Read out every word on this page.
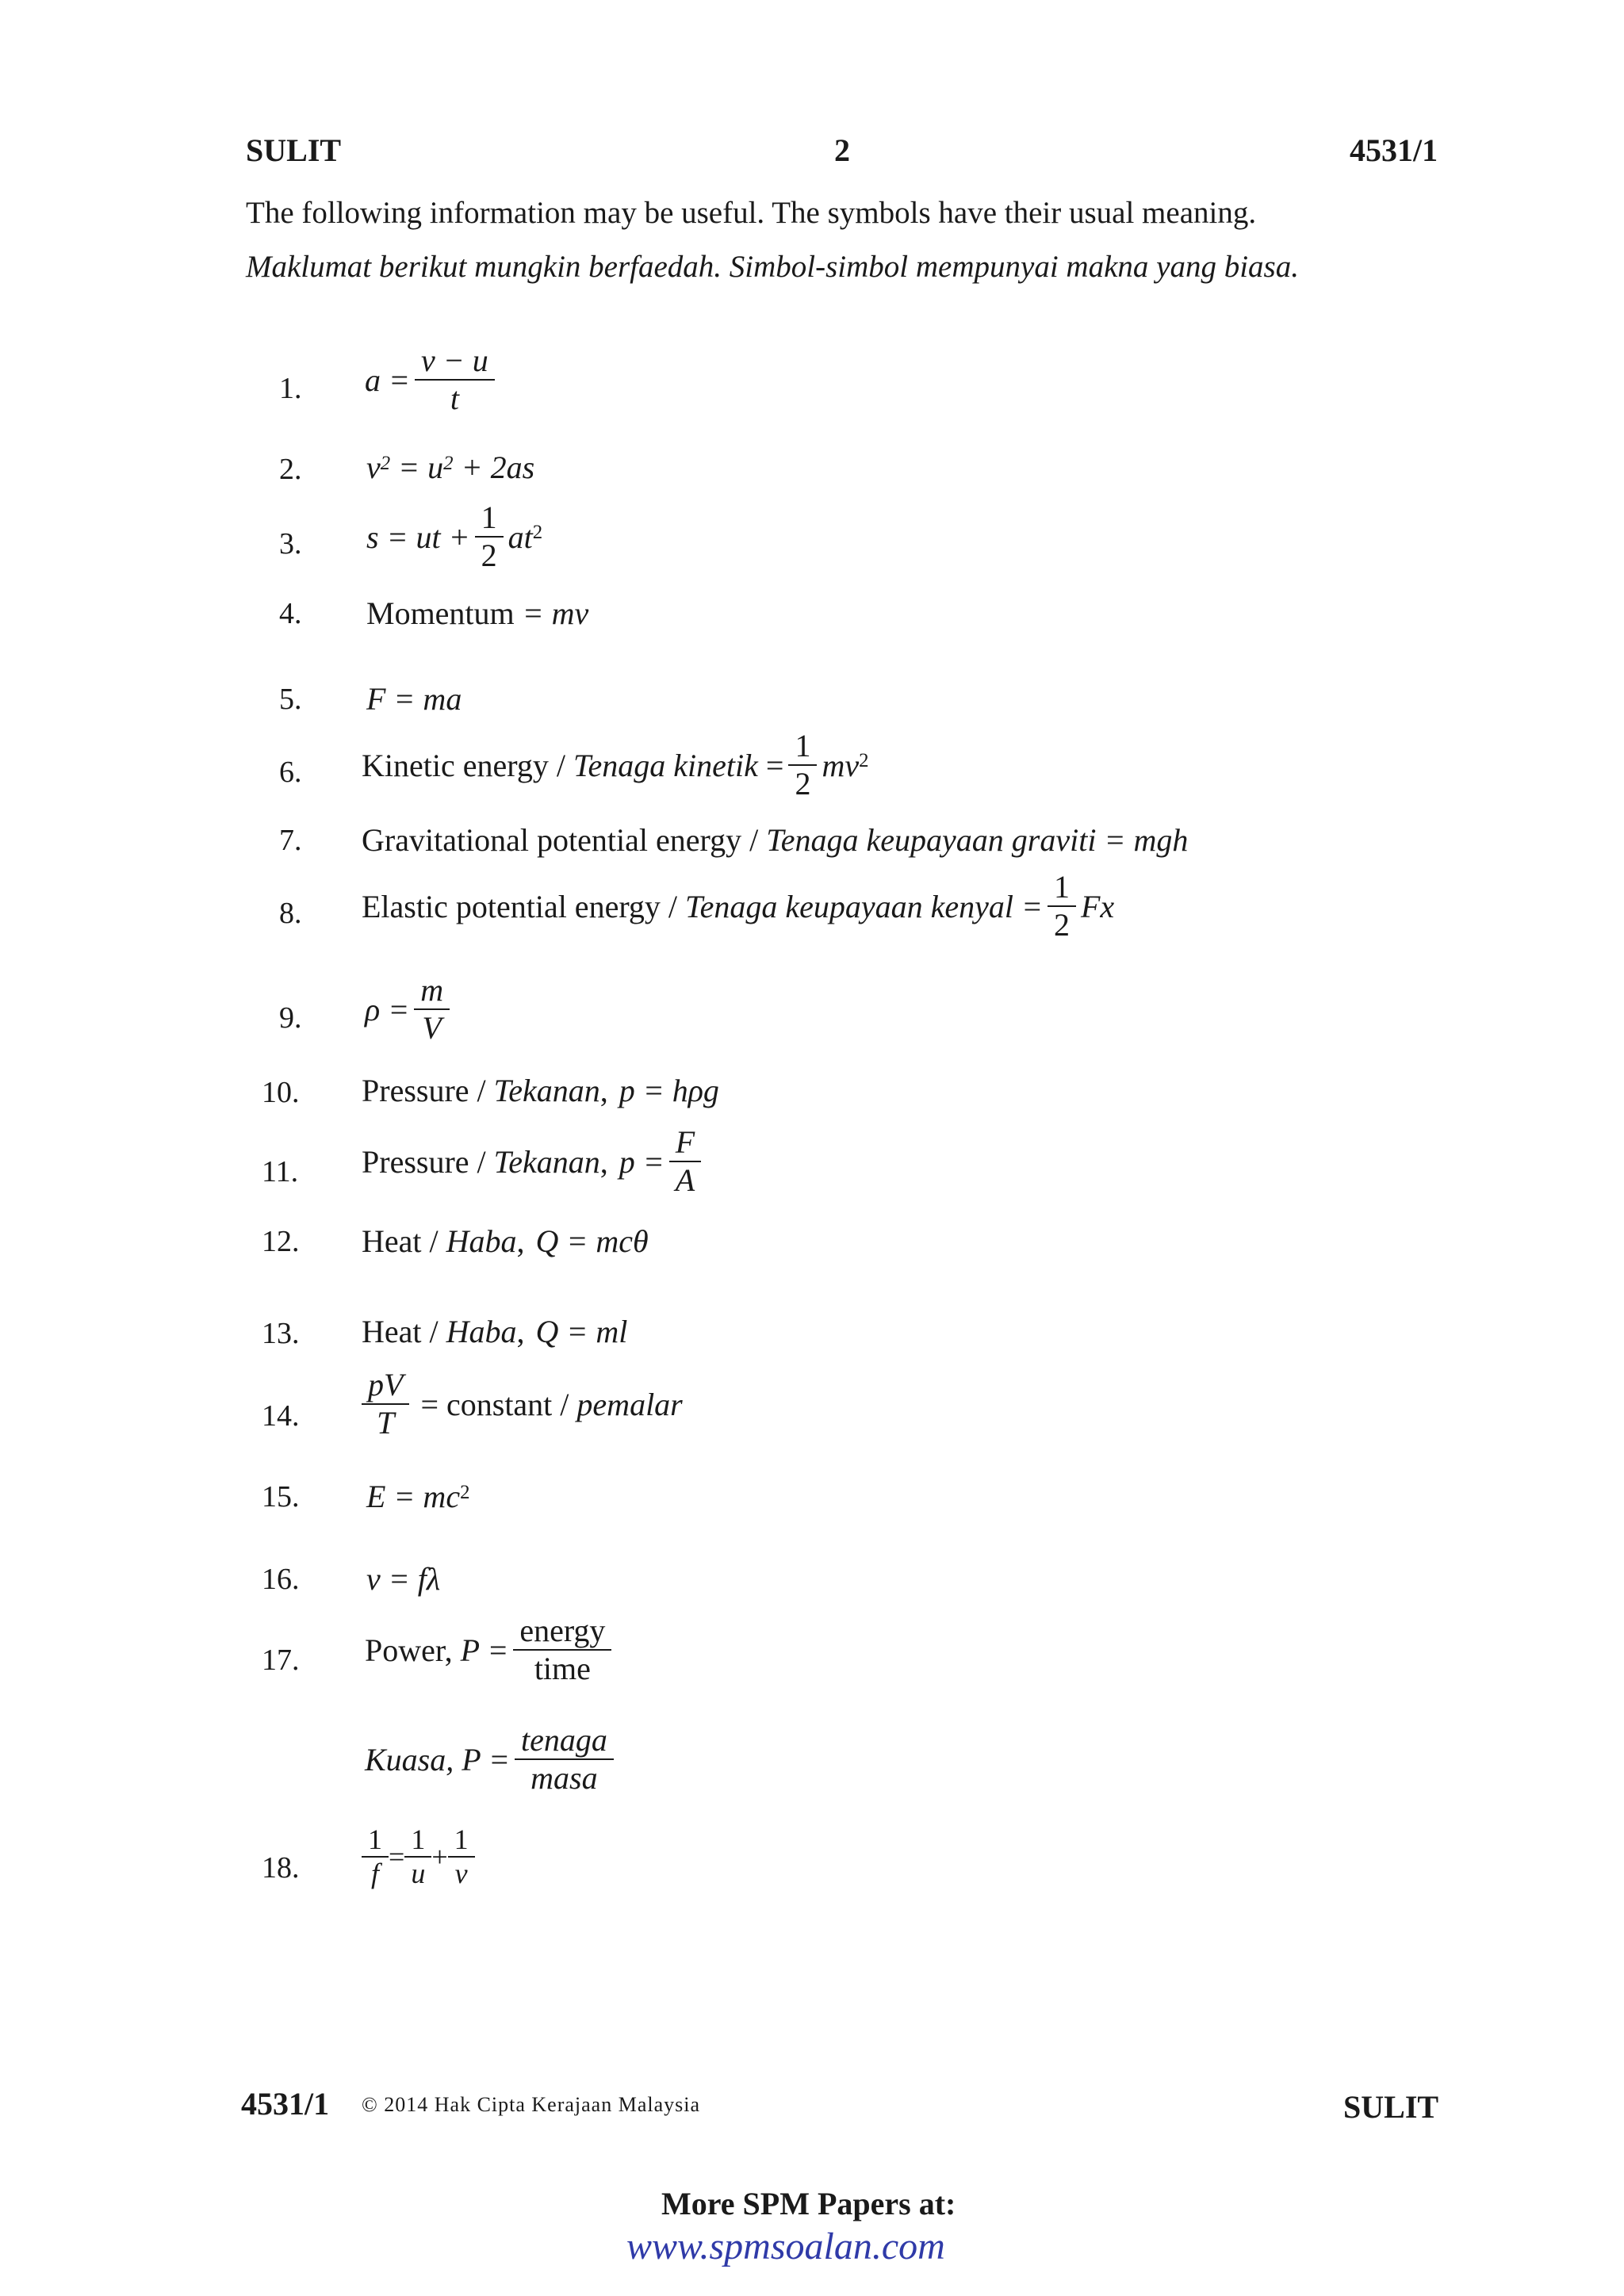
SULIT	2	4531/1
The following information may be useful. The symbols have their usual meaning.
Maklumat berikut mungkin berfaedah. Simbol-simbol mempunyai makna yang biasa.
1. $a = \frac{v - u}{t}$
2. $v^2 = u^2 + 2as$
3. s = ut + $\frac{1}{2} at^2$
4. Momentum = mv
5. F = ma
6. Kinetic energy / Tenaga kinetik = $\frac{1}{2} mv^2$
7. Gravitational potential energy / Tenaga keupayaan graviti = mgh
8. Elastic potential energy / Tenaga keupayaan kenyal = $\frac{1}{2}$ Fx
9. $\rho = \frac{m}{V}$
10. Pressure / Tekanan , p = hρg
11. Pressure / Tekanan , $p = \frac{F}{A}$
12. Heat / Haba , Q = mcθ
13. Heat / Haba , Q = ml
14. $\frac{pV}{T}$ = constant / pemalar
15. $E = mc^2$
16. v = fλ
17. Power, $P = \frac{\text{energy}}{\text{time}}$
Kuasa, $P = \frac{\text{tenaga}}{\text{masa}}$
18. $\frac{1}{f} = \frac{1}{u} + \frac{1}{v}$
4531/1 © 2014 Hak Cipta Kerajaan Malaysia	SULIT
More SPM Papers at:
www.spmsoalan.com
